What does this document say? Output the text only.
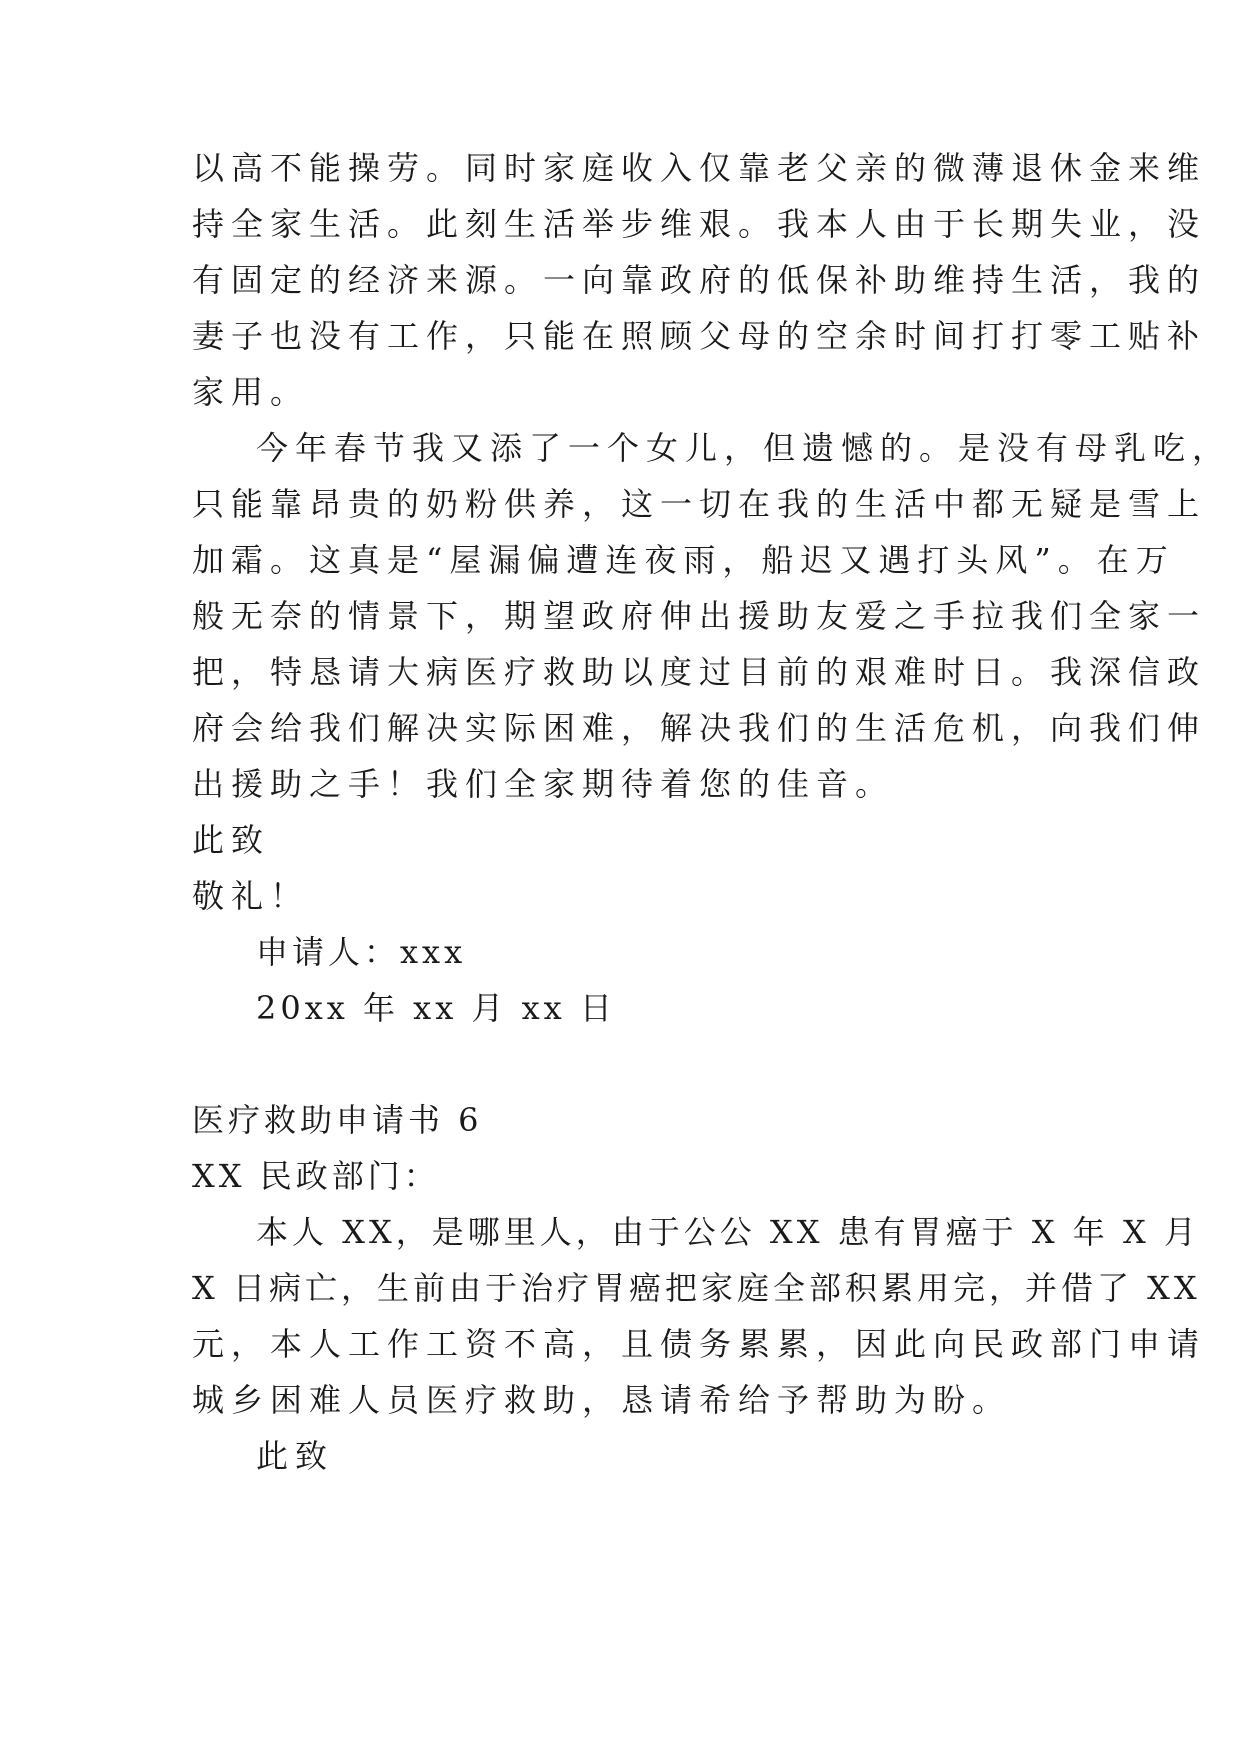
以高不能操劳。同时家庭收入仅靠老父亲的微薄退休金来维
持全家生活。此刻生活举步维艰。我本人由于长期失业，没
有固定的经济来源。一向靠政府的低保补助维持生活，我的
妻子也没有工作，只能在照顾父母的空余时间打打零工贴补
家用。
今年春节我又添了一个女儿，但遗憾的。是没有母乳吃，
只能靠昂贵的奶粉供养，这一切在我的生活中都无疑是雪上
加霜。这真是“屋漏偏遭连夜雨，船迟又遇打头风”。在万
般无奈的情景下，期望政府伸出援助友爱之手拉我们全家一
把，特恳请大病医疗救助以度过目前的艰难时日。我深信政
府会给我们解决实际困难，解决我们的生活危机，向我们伸
出援助之手！我们全家期待着您的佳音。
此致
敬礼！
申请人：xxx
20xx 年 xx 月 xx 日
医疗救助申请书 6
XX 民政部门：
本人 XX，是哪里人，由于公公 XX 患有胃癌于 X 年 X 月
X 日病亡，生前由于治疗胃癌把家庭全部积累用完，并借了 XX
元，本人工作工资不高，且债务累累，因此向民政部门申请
城乡困难人员医疗救助，恳请希给予帮助为盼。
此致
